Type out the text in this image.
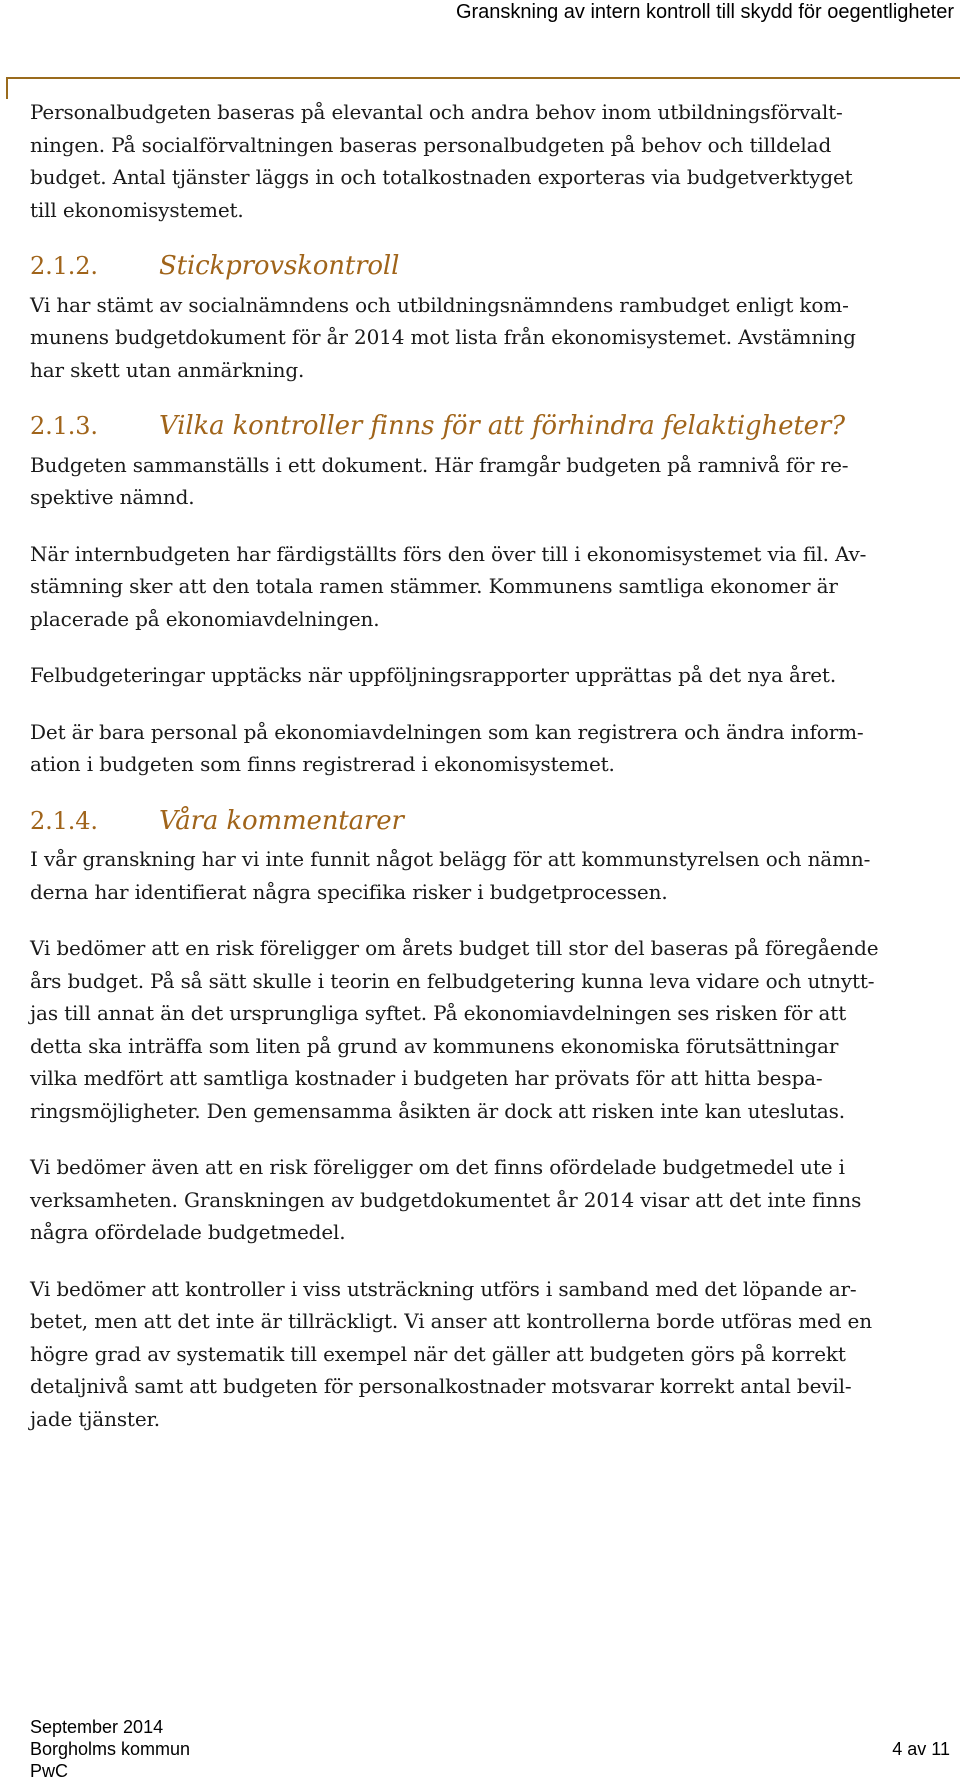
Granskning av intern kontroll till skydd för oegentligheter

Personalbudgeten baseras på elevantal och andra behov inom utbildningsförvalt-
ningen. På socialförvaltningen baseras personalbudgeten på behov och tilldelad
budget. Antal tjänster läggs in och totalkostnaden exporteras via budgetverktyget
till ekonomisystemet.

2.1.2.	Stickprovskontroll

Vi har stämt av socialnämndens och utbildningsnämndens rambudget enligt kom-
munens budgetdokument för år 2014 mot lista från ekonomisystemet. Avstämning
har skett utan anmärkning.

2.1.3.	Vilka kontroller finns för att förhindra felaktigheter?

Budgeten sammanställs i ett dokument. Här framgår budgeten på ramnivå för re-
spektive nämnd.

När internbudgeten har färdigställts förs den över till i ekonomisystemet via fil. Av-
stämning sker att den totala ramen stämmer. Kommunens samtliga ekonomer är
placerade på ekonomiavdelningen.

Felbudgeteringar upptäcks när uppföljningsrapporter upprättas på det nya året.

Det är bara personal på ekonomiavdelningen som kan registrera och ändra inform-
ation i budgeten som finns registrerad i ekonomisystemet.

2.1.4.	Våra kommentarer

I vår granskning har vi inte funnit något belägg för att kommunstyrelsen och nämn-
derna har identifierat några specifika risker i budgetprocessen.

Vi bedömer att en risk föreligger om årets budget till stor del baseras på föregående
års budget. På så sätt skulle i teorin en felbudgetering kunna leva vidare och utnytt-
jas till annat än det ursprungliga syftet. På ekonomiavdelningen ses risken för att
detta ska inträffa som liten på grund av kommunens ekonomiska förutsättningar
vilka medfört att samtliga kostnader i budgeten har prövats för att hitta bespa-
ringsmöjligheter. Den gemensamma åsikten är dock att risken inte kan uteslutas.

Vi bedömer även att en risk föreligger om det finns ofördelade budgetmedel ute i
verksamheten. Granskningen av budgetdokumentet år 2014 visar att det inte finns
några ofördelade budgetmedel.

Vi bedömer att kontroller i viss utsträckning utförs i samband med det löpande ar-
betet, men att det inte är tillräckligt. Vi anser att kontrollerna borde utföras med en
högre grad av systematik till exempel när det gäller att budgeten görs på korrekt
detaljnivå samt att budgeten för personalkostnader motsvarar korrekt antal bevil-
jade tjänster.

September 2014
Borgholms kommun
PwC
4 av 11
